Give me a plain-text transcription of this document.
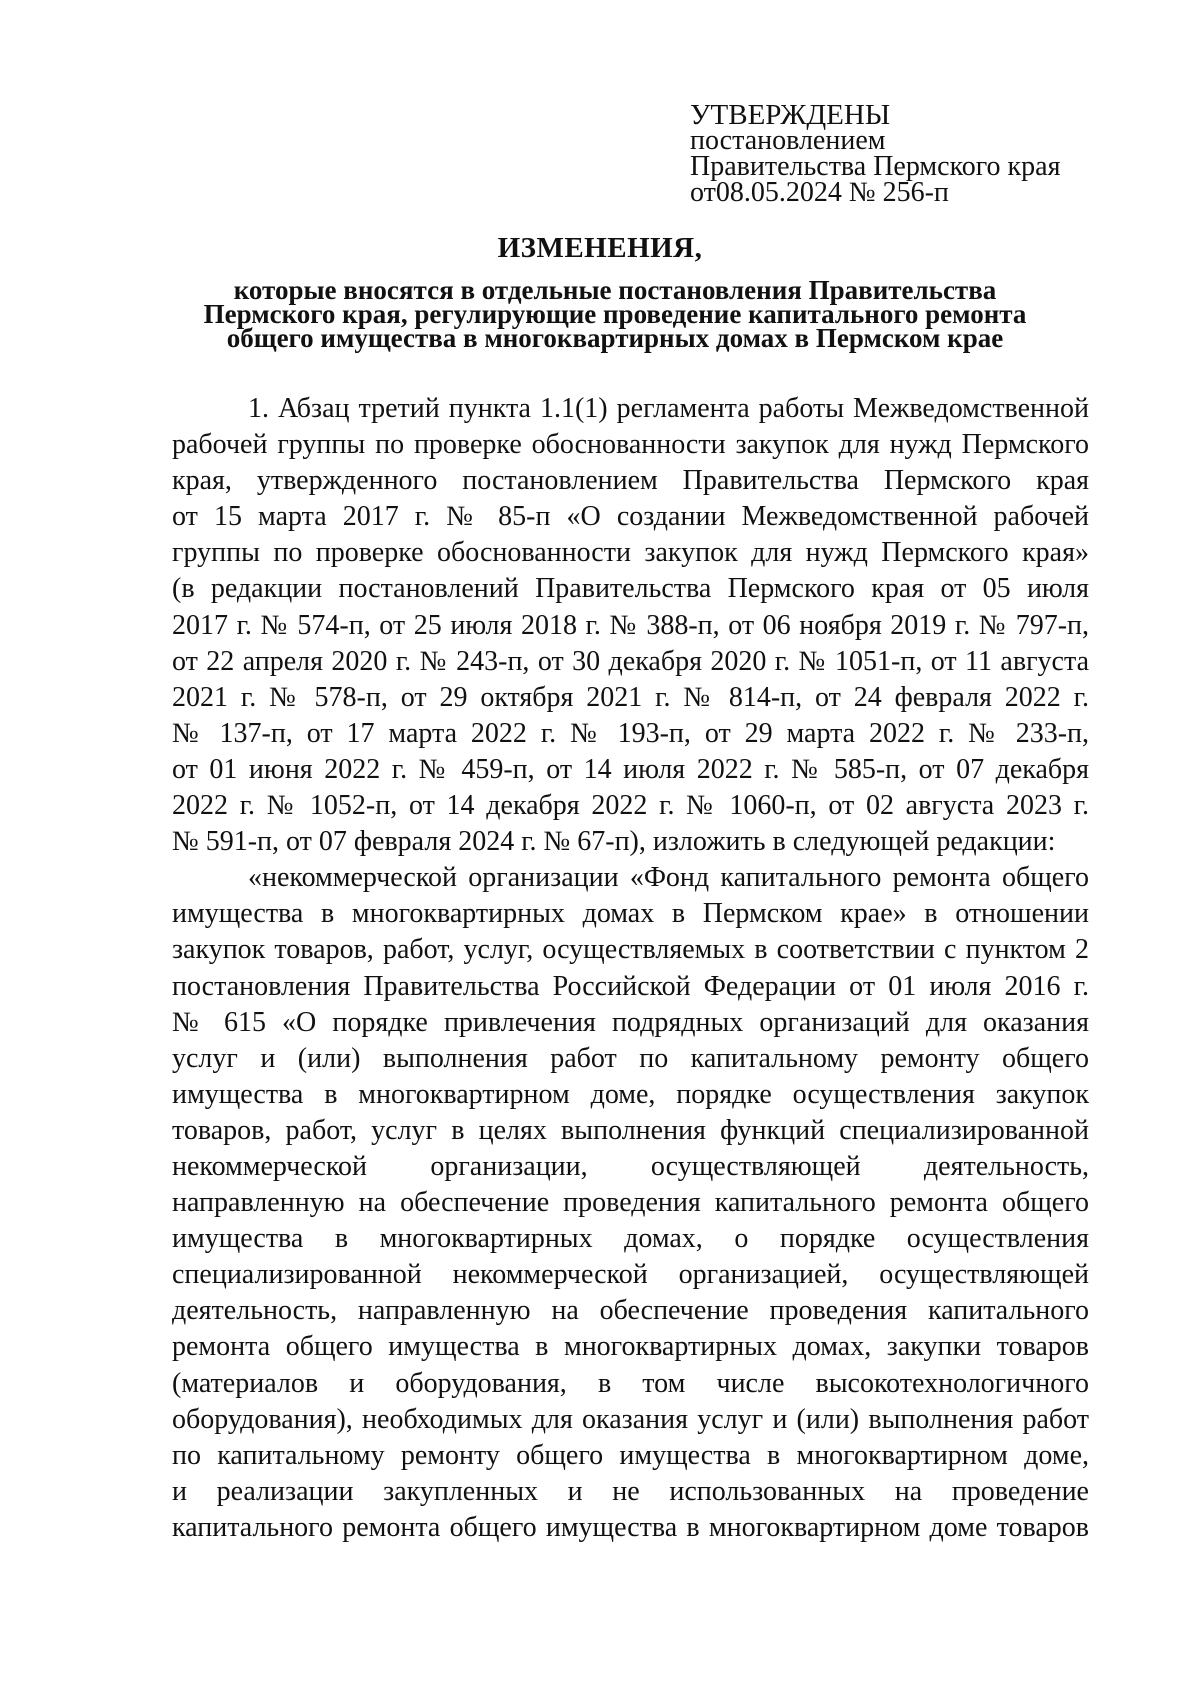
УТВЕРЖДЕНЫ
постановлением
Правительства Пермского края
от08.05.2024 № 256-п
ИЗМЕНЕНИЯ,
которые вносятся в отдельные постановления Правительства
Пермского края, регулирующие проведение капитального ремонта
общего имущества в многоквартирных домах в Пермском крае
1. Абзац третий пункта 1.1(1) регламента работы Межведомственной
рабочей группы по проверке обоснованности закупок для нужд Пермского
края, утвержденного постановлением Правительства Пермского края
от 15 марта 2017 г. № 85-п «О создании Межведомственной рабочей
группы по проверке обоснованности закупок для нужд Пермского края»
(в редакции постановлений Правительства Пермского края от 05 июля
2017 г. № 574-п, от 25 июля 2018 г. № 388-п, от 06 ноября 2019 г. № 797-п,
от 22 апреля 2020 г. № 243-п, от 30 декабря 2020 г. № 1051-п, от 11 августа
2021 г. № 578-п, от 29 октября 2021 г. № 814-п, от 24 февраля 2022 г.
№ 137-п, от 17 марта 2022 г. № 193-п, от 29 марта 2022 г. № 233-п,
от 01 июня 2022 г. № 459-п, от 14 июля 2022 г. № 585-п, от 07 декабря
2022 г. № 1052-п, от 14 декабря 2022 г. № 1060-п, от 02 августа 2023 г.
№ 591-п, от 07 февраля 2024 г. № 67-п), изложить в следующей редакции:
«некоммерческой организации «Фонд капитального ремонта общего
имущества в многоквартирных домах в Пермском крае» в отношении
закупок товаров, работ, услуг, осуществляемых в соответствии с пунктом 2
постановления Правительства Российской Федерации от 01 июля 2016 г.
№ 615 «О порядке привлечения подрядных организаций для оказания
услуг и (или) выполнения работ по капитальному ремонту общего
имущества в многоквартирном доме, порядке осуществления закупок
товаров, работ, услуг в целях выполнения функций специализированной
некоммерческой организации, осуществляющей деятельность,
направленную на обеспечение проведения капитального ремонта общего
имущества в многоквартирных домах, о порядке осуществления
специализированной некоммерческой организацией, осуществляющей
деятельность, направленную на обеспечение проведения капитального
ремонта общего имущества в многоквартирных домах, закупки товаров
(материалов и оборудования, в том числе высокотехнологичного
оборудования), необходимых для оказания услуг и (или) выполнения работ
по капитальному ремонту общего имущества в многоквартирном доме,
и реализации закупленных и не использованных на проведение
капитального ремонта общего имущества в многоквартирном доме товаров
